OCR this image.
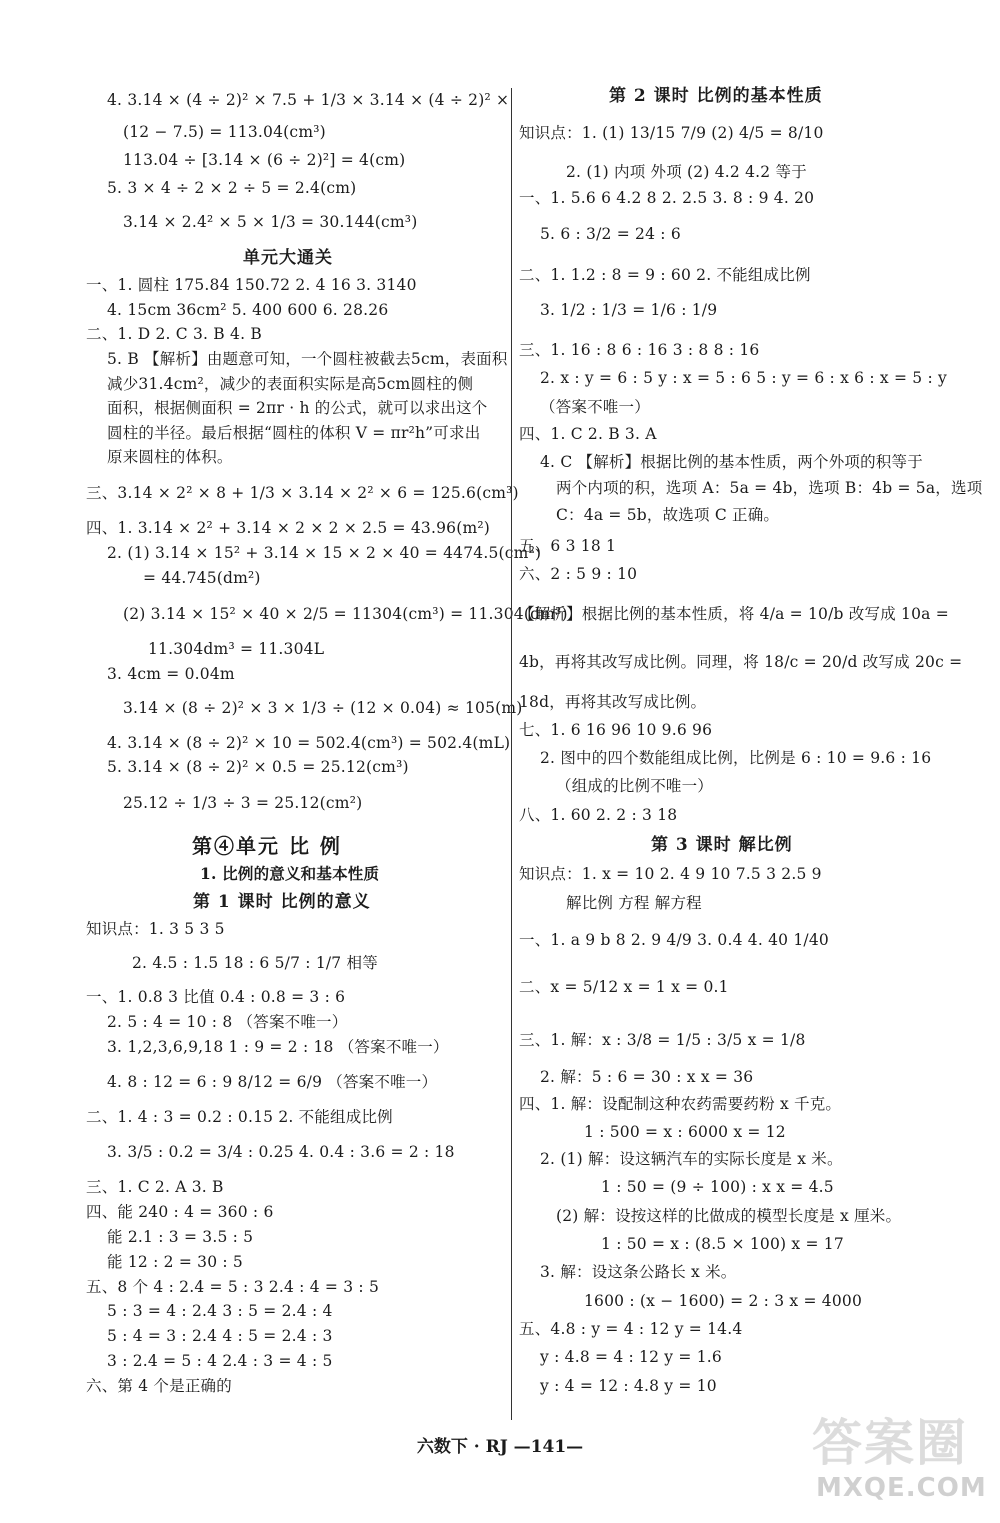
4. 3.14 × (4 ÷ 2)² × 7.5 + 1/3 × 3.14 × (4 ÷ 2)² ×
(12 − 7.5) = 113.04(cm³)
113.04 ÷ [3.14 × (6 ÷ 2)²] = 4(cm)
5. 3 × 4 ÷ 2 × 2 ÷ 5 = 2.4(cm)
3.14 × 2.4² × 5 × 1/3 = 30.144(cm³)
单元大通关
一、1. 圆柱 175.84 150.72 2. 4 16 3. 3140
4. 15cm 36cm² 5. 400 600 6. 28.26
二、1. D 2. C 3. B 4. B
5. B 【解析】由题意可知，一个圆柱被截去5cm，表面积
减少31.4cm²，减少的表面积实际是高5cm圆柱的侧
面积，根据侧面积 = 2πr · h 的公式，就可以求出这个
圆柱的半径。最后根据“圆柱的体积 V = πr²h”可求出
原来圆柱的体积。
三、3.14 × 2² × 8 + 1/3 × 3.14 × 2² × 6 = 125.6(cm³)
四、1. 3.14 × 2² + 3.14 × 2 × 2 × 2.5 = 43.96(m²)
2. (1) 3.14 × 15² + 3.14 × 15 × 2 × 40 = 4474.5(cm²)
= 44.745(dm²)
(2) 3.14 × 15² × 40 × 2/5 = 11304(cm³) = 11.304(dm³)
11.304dm³ = 11.304L
3. 4cm = 0.04m
3.14 × (8 ÷ 2)² × 3 × 1/3 ÷ (12 × 0.04) ≈ 105(m)
4. 3.14 × (8 ÷ 2)² × 10 = 502.4(cm³) = 502.4(mL)
5. 3.14 × (8 ÷ 2)² × 0.5 = 25.12(cm³)
25.12 ÷ 1/3 ÷ 3 = 25.12(cm²)
第④单元 比 例
1. 比例的意义和基本性质
第 1 课时 比例的意义
知识点：1. 3 5 3 5
2. 4.5 : 1.5 18 : 6 5/7 : 1/7 相等
一、1. 0.8 3 比值 0.4 : 0.8 = 3 : 6
2. 5 : 4 = 10 : 8 （答案不唯一）
3. 1,2,3,6,9,18 1 : 9 = 2 : 18 （答案不唯一）
4. 8 : 12 = 6 : 9 8/12 = 6/9 （答案不唯一）
二、1. 4 : 3 = 0.2 : 0.15 2. 不能组成比例
3. 3/5 : 0.2 = 3/4 : 0.25 4. 0.4 : 3.6 = 2 : 18
三、1. C 2. A 3. B
四、能 240 : 4 = 360 : 6
能 2.1 : 3 = 3.5 : 5
能 12 : 2 = 30 : 5
五、8 个 4 : 2.4 = 5 : 3 2.4 : 4 = 3 : 5
5 : 3 = 4 : 2.4 3 : 5 = 2.4 : 4
5 : 4 = 3 : 2.4 4 : 5 = 2.4 : 3
3 : 2.4 = 5 : 4 2.4 : 3 = 4 : 5
六、第 4 个是正确的
第 2 课时 比例的基本性质
知识点：1. (1) 13/15 7/9 (2) 4/5 = 8/10
2. (1) 内项 外项 (2) 4.2 4.2 等于
一、1. 5.6 6 4.2 8 2. 2.5 3. 8 : 9 4. 20
5. 6 : 3/2 = 24 : 6
二、1. 1.2 : 8 = 9 : 60 2. 不能组成比例
3. 1/2 : 1/3 = 1/6 : 1/9
三、1. 16 : 8 6 : 16 3 : 8 8 : 16
2. x : y = 6 : 5 y : x = 5 : 6 5 : y = 6 : x 6 : x = 5 : y
（答案不唯一）
四、1. C 2. B 3. A
4. C 【解析】根据比例的基本性质，两个外项的积等于
两个内项的积，选项 A：5a = 4b，选项 B：4b = 5a，选项
C：4a = 5b，故选项 C 正确。
五、6 3 18 1
六、2 : 5 9 : 10
【解析】根据比例的基本性质，将 4/a = 10/b 改写成 10a =
4b，再将其改写成比例。同理，将 18/c = 20/d 改写成 20c =
18d，再将其改写成比例。
七、1. 6 16 96 10 9.6 96
2. 图中的四个数能组成比例，比例是 6 : 10 = 9.6 : 16
（组成的比例不唯一）
八、1. 60 2. 2 : 3 18
第 3 课时 解比例
知识点：1. x = 10 2. 4 9 10 7.5 3 2.5 9
解比例 方程 解方程
一、1. a 9 b 8 2. 9 4/9 3. 0.4 4. 40 1/40
二、x = 5/12 x = 1 x = 0.1
三、1. 解：x : 3/8 = 1/5 : 3/5 x = 1/8
2. 解：5 : 6 = 30 : x x = 36
四、1. 解：设配制这种农药需要药粉 x 千克。
1 : 500 = x : 6000 x = 12
2. (1) 解：设这辆汽车的实际长度是 x 米。
1 : 50 = (9 ÷ 100) : x x = 4.5
(2) 解：设按这样的比做成的模型长度是 x 厘米。
1 : 50 = x : (8.5 × 100) x = 17
3. 解：设这条公路长 x 米。
1600 : (x − 1600) = 2 : 3 x = 4000
五、4.8 : y = 4 : 12 y = 14.4
y : 4.8 = 4 : 12 y = 1.6
y : 4 = 12 : 4.8 y = 10
六数下 · RJ —141—	答案圈
MXQE.COM
